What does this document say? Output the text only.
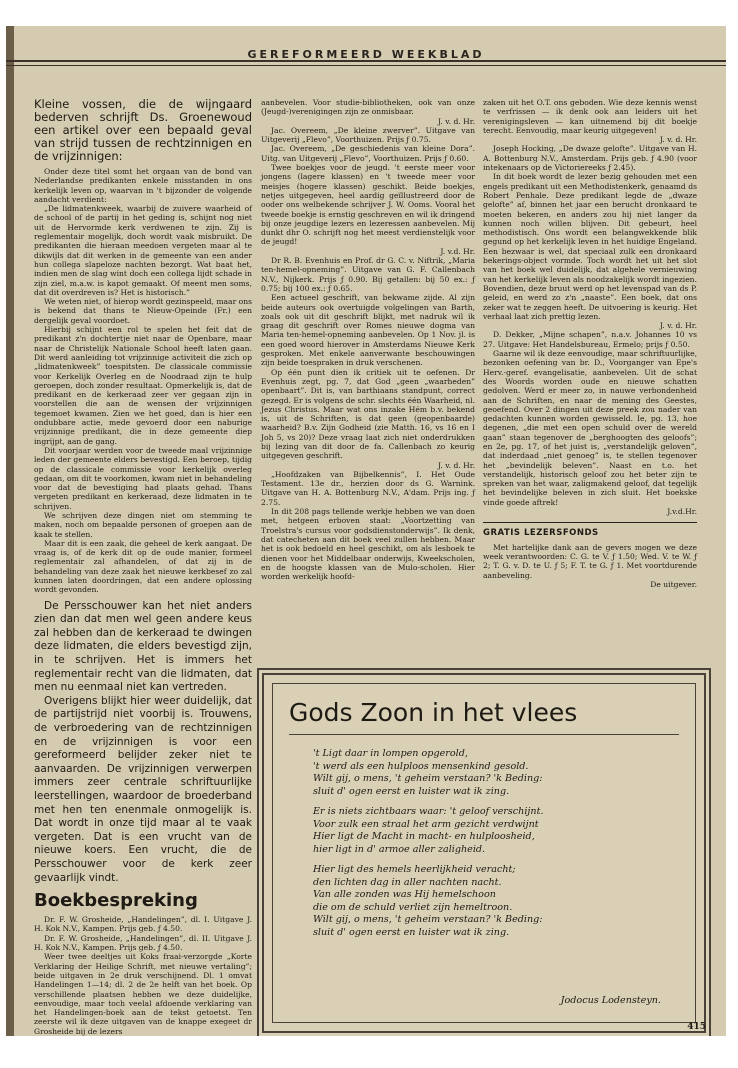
GEREFORMEERD WEEKBLAD
Kleine vossen, die de wijngaard bederven schrijft Ds. Groenewoud een artikel over een bepaald geval van strijd tussen de rechtzinnigen en de vrijzinnigen:

Onder deze titel somt het orgaan van de bond van Nederlandse predikanten enkele misstanden in ons kerkelijk leven op, waarvan in 't bijzonder de volgende aandacht verdient:

„De lidmatenkweek, waarbij de zuivere waarheid of de school of de partij in het geding is, schijnt nog niet uit de Hervormde kerk verdwenen te zijn. Zij is reglementair mogelijk, doch wordt vaak misbruikt. De predikanten die hieraan meedoen vergeten maar al te dikwijls dat dit werken in de gemeente van een ander hun collega slapeloze nachten bezorgt. Wat baat het, indien men de slag wint doch een collega lijdt schade in zijn ziel, m.a.w. is kapot gemaakt. Of meent men soms, dat dit overdreven is? Het is historisch.”

We weten niet, of hierop wordt gezinspeeld, maar ons is bekend dat thans te Nieuw-Opeinde (Fr.) een dergelijk geval voordoet.

Hierbij schijnt een rol te spelen het feit dat de predikant z'n dochtertje niet naar de Openbare, maar naar de Christelijk Nationale School heeft laten gaan. Dit werd aanleiding tot vrijzinnige activiteit die zich op „lidmatenkweek” toespitsten. De classicale commissie voor Kerkelijk Overleg en de Noodraad zijn te hulp geroepen, doch zonder resultaat. Opmerkelijk is, dat de predikant en de kerkeraad zeer ver gegaan zijn in voorstellen die aan de wensen der vrijzinnigen tegemoet kwamen. Zien we het goed, dan is hier een ondubbare actie, mede gevoerd door een naburige vrijzinnige predikant, die in deze gemeente diep ingrijpt, aan de gang.

Dit voorjaar werden voor de tweede maal vrijzinnige leden der gemeente elders bevestigd. Een beroep, tijdig op de classicale commissie voor kerkelijk overleg gedaan, om dit te voorkomen, kwam niet in behandeling voor dat de bevestiging had plaats gehad. Thans vergeten predikant en kerkeraad, deze lidmaten in te schrijven.

We schrijven deze dingen niet om stemming te maken, noch om bepaalde personen of groepen aan de kaak te stellen.

Maar dit is een zaak, die geheel de kerk aangaat. De vraag is, of de kerk dit op de oude manier, formeel reglementair zal afhandelen, of dat zij in de behandeling van deze zaak het nieuwe kerkbesef zo zal kunnen laten doordringen, dat een andere oplossing wordt gevonden.

De Persschouwer kan het niet anders zien dan dat men wel geen andere keus zal hebben dan de kerkeraad te dwingen deze lidmaten, die elders bevestigd zijn, in te schrijven. Het is immers het reglementair recht van die lidmaten, dat men nu eenmaal niet kan vertreden.

Overigens blijkt hier weer duidelijk, dat de partijstrijd niet voorbij is. Trouwens, de verbroedering van de rechtzinnigen en de vrijzinnigen is voor een gereformeerd belijder zeker niet te aanvaarden. De vrijzinnigen verwerpen immers zeer centrale schriftuurlijke leerstellingen, waardoor de broederband met hen ten enenmale onmogelijk is. Dat wordt in onze tijd maar al te vaak vergeten. Dat is een vrucht van de nieuwe koers. Een vrucht, die de Persschouwer voor de kerk zeer gevaarlijk vindt.

Boekbespreking

Dr. F. W. Grosheide, „Handelingen”, dl. I. Uitgave J. H. Kok N.V., Kampen. Prijs geb. ƒ 4.50.

Dr. F. W. Grosheide, „Handelingen”, dl. II. Uitgave J. H. Kok N.V., Kampen. Prijs geb. ƒ 4.50.

Weer twee deeltjes uit Koks fraai-verzorgde „Korte Verklaring der Heilige Schrift, met nieuwe vertaling”; beide uitgaven in 2e druk verschijnend. Dl. 1 omvat Handelingen 1—14; dl. 2 de 2e helft van het boek. Op verschillende plaatsen hebben we deze duidelijke, eenvoudige, maar toch veelal afdoende verklaring van het Handelingen-boek aan de tekst getoetst. Ten zeerste wil ik deze uitgaven van de knappe exegeet dr Grosheide bij de lezers

aanbevelen. Voor studie-bibliotheken, ook van onze (Jeugd-)verenigingen zijn ze onmisbaar.

J. v. d. Hr.

Jac. Overeem, „De kleine zwerver”. Uitgave van Uitgeverij „Flevo”, Voorthuizen. Prijs ƒ 0.75.

Jac. Overeem, „De geschiedenis van kleine Dora”. Uitg. van Uitgeverij „Flevo”, Voorthuizen. Prijs ƒ 0.60.

Twee boekjes voor de jeugd. 't eerste meer voor jongens (lagere klassen) en 't tweede meer voor meisjes (hogere klassen) geschikt. Beide boekjes, netjes uitgegeven, heel aardig geïllustreerd door de ooder ons welbekende schrijver J. W. Ooms. Vooral het tweede boekje is ernstig geschreven en wil ik dringend bij onze jeugdige lezers en lezeressen aanbevelen. Mij dunkt dhr O. schrijft nog het meest verdienstelijk voor de jeugd!

J. v.d. Hr.

Dr R. B. Evenhuis en Prof. dr G. C. v. Niftrik, „Maria ten-hemel-opneming”. Uitgave van G. F. Callenbach N.V., Nijkerk. Prijs ƒ 0.90. Bij getallen: bij 50 ex.: ƒ 0.75; bij 100 ex.: ƒ 0.65.

Een actueel geschrift, van bekwame zijde. Al zijn beide auteurs ook overtuigde volgelingen van Barth, zoals ook uit dit geschrift blijkt, met nadruk wil ik graag dit geschrift over Romes nieuwe dogma van Maria ten-hemel-opneming aanbevelen. Op 1 Nov. jl. is een goed woord hierover in Amsterdams Nieuwe Kerk gesproken. Met enkele aanverwante beschouwingen zijn beide toespraken in druk verschenen.

Op één punt dien ik critiek uit te oefenen. Dr Evenhuis zegt, pg. 7, dat God „geen „waarheden” openbaart”. Dit is, van barthiaans standpunt, correct gezegd. Er is volgens de schr. slechts één Waarheid, nl. Jezus Christus. Maar wat ons inzake Hém b.v. bekend is, uit de Schriften, is dat geen (geopenbaarde) waarheid? B.v. Zijn Godheid (zie Matth. 16, vs 16 en I Joh 5, vs 20)? Deze vraag laat zich niet onderdrukken bij lezing van dit door de fa. Callenbach zo keurig uitgegeven geschrift.

J. v. d. Hr.

„Hoofdzaken van Bijbelkennis”, I. Het Oude Testament. 13e dr., herzien door ds G. Warnink. Uitgave van H. A. Bottenburg N.V., A'dam. Prijs ing. ƒ 2.75.

In dit 208 pags tellende werkje hebben we van doen met, hetgeen erboven staat: „Voortzetting van Troelstra's cursus voor godsdienstonderwijs”. Ik denk, dat catecheten aan dit boek veel zullen hebben. Maar het is ook bedoeld en heel geschikt, om als lesboek te dienen voor het Middelbaar onderwijs, Kweekscholen, en de hoogste klassen van de Mulo-scholen. Hier worden werkelijk hoofd-

zaken uit het O.T. ons geboden. Wie deze kennis wenst te verfrissen — ik denk ook aan leiders uit het verenigingsleven — kan uitnemend bij dit boekje terecht. Eenvoudig, maar keurig uitgegeven!

J. v. d. Hr.

Joseph Hocking, „De dwaze gelofte”. Uitgave van H. A. Bottenburg N.V., Amsterdam. Prijs geb. ƒ 4.90 (voor intekenaars op de Victoriereeks ƒ 2.45).

In dit boek wordt de lezer bezig gehouden met een engels predikant uit een Methodistenkerk, genaamd ds Robert Penhale. Deze predikant legde de „dwaze gelofte” af, binnen het jaar een berucht dronkaard te moeten bekeren, en anders zou hij niet langer da kunnen noch willen blijven. Dit gebeurt, heel methodistisch. Ons wordt een belangwekkende blik gegund op het kerkelijk leven in het huidige Engeland. Een bezwaar is wel, dat speciaal zulk een dronkaard bekerings-object vormde. Toch wordt het uit het slot van het boek wel duidelijk, dat algehele vernieuwing van het kerkelijk leven als noodzakelijk wordt ingezien. Bovendien, deze bruut werd op het levenspad van ds P. geleid, en werd zo z'n „naaste”. Een boek, dat ons zeker wat te zeggen heeft. De uitvoering is keurig. Het verhaal laat zich prettig lezen.

J. v. d. Hr.

D. Dekker, „Mijne schapen”, n.a.v. Johannes 10 vs 27. Uitgave: Het Handelsbureau, Ermelo; prijs ƒ 0.50.

Gaarne wil ik deze eenvoudige, maar schriftuurlijke, bezonken oefening van br. D., Voorganger van Epe's Herv.-geref. evangelisatie, aanbevelen. Uit de schat des Woords worden oude en nieuwe schatten gedolven. Werd er meer zo, in nauwe verbondenheid aan de Schriften, en naar de mening des Geestes, geoefend. Over 2 dingen uit deze preek zou nader van gedachten kunnen worden gewisseld. Ie, pg. 13, hoe degenen, „die met een open schuld over de wereld gaan” staan tegenover de „berghoogten des geloofs”; en 2e, pg. 17, of het juist is, „verstandelijk geloven”, dat inderdaad „niet genoeg” is, te stellen tegenover het „bevindelijk beleven”. Naast en t.o. het verstandelijk, historisch geloof zou het beter zijn te spreken van het waar, zaligmakend geloof, dat tegelijk het bevindelijke beleven in zich sluit. Het boekske vinde goede aftrek!

J.v.d.Hr.

GRATIS LEZERSFONDS

Met hartelijke dank aan de gevers mogen we deze week verantwoorden: C. G. te V. ƒ 1.50; Wed. V. te W. ƒ 2; T. G. v. D. te U. ƒ 5; F. T. te G. ƒ 1. Met voortdurende aanbeveling.

De uitgever.

Gods Zoon in het vlees
't Ligt daar in lompen opgerold,
't werd als een hulploos mensenkind gesold.
Wilt gij, o mens, 't geheim verstaan? 'k Beding:
sluit d' ogen eerst en luister wat ik zing.
Er is niets zichtbaars waar: 't geloof verschijnt.
Voor zulk een straal het arm gezicht verdwijnt
Hier ligt de Macht in macht- en hulploosheid,
hier ligt in d' armoe aller zaligheid.
Hier ligt des hemels heerlijkheid veracht;
den lichten dag in aller nachten nacht.
Van alle zonden was Hij hemelschoon
die om de schuld verliet zijn hemeltroon.
Wilt gij, o mens, 't geheim verstaan? 'k Beding:
sluit d' ogen eerst en luister wat ik zing.
Jodocus Lodensteyn.
415
